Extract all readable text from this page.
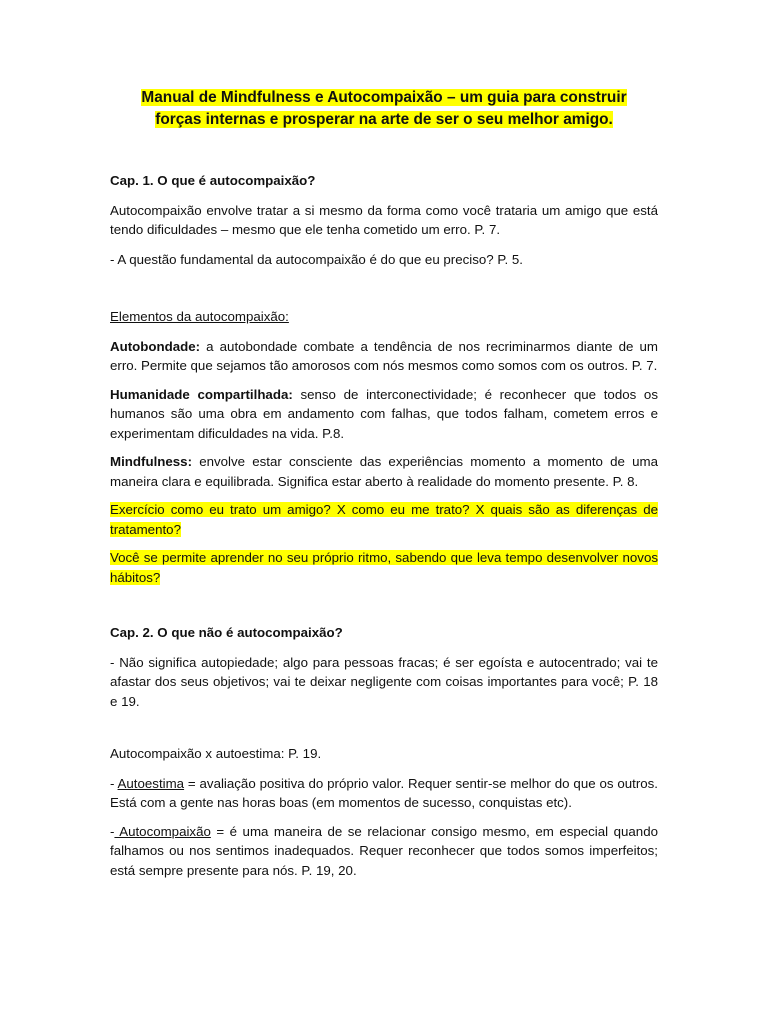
Manual de Mindfulness e Autocompaixão – um guia para construir
forças internas e prosperar na arte de ser o seu melhor amigo.

Cap. 1. O que é autocompaixão?

Autocompaixão envolve tratar a si mesmo da forma como você trataria um amigo que está tendo dificuldades – mesmo que ele tenha cometido um erro. P. 7.

- A questão fundamental da autocompaixão é do que eu preciso? P. 5.

Elementos da autocompaixão:

Autobondade: a autobondade combate a tendência de nos recriminarmos diante de um erro. Permite que sejamos tão amorosos com nós mesmos como somos com os outros. P. 7.

Humanidade compartilhada: senso de interconectividade; é reconhecer que todos os humanos são uma obra em andamento com falhas, que todos falham, cometem erros e experimentam dificuldades na vida. P.8.

Mindfulness: envolve estar consciente das experiências momento a momento de uma maneira clara e equilibrada. Significa estar aberto à realidade do momento presente. P. 8.

Exercício como eu trato um amigo? X como eu me trato? X quais são as diferenças de tratamento?

Você se permite aprender no seu próprio ritmo, sabendo que leva tempo desenvolver novos hábitos?

Cap. 2. O que não é autocompaixão?

- Não significa autopiedade; algo para pessoas fracas; é ser egoísta e autocentrado; vai te afastar dos seus objetivos; vai te deixar negligente com coisas importantes para você; P. 18 e 19.

Autocompaixão x autoestima: P. 19.

- Autoestima = avaliação positiva do próprio valor. Requer sentir-se melhor do que os outros. Está com a gente nas horas boas (em momentos de sucesso, conquistas etc).

- Autocompaixão = é uma maneira de se relacionar consigo mesmo, em especial quando falhamos ou nos sentimos inadequados. Requer reconhecer que todos somos imperfeitos; está sempre presente para nós. P. 19, 20.
